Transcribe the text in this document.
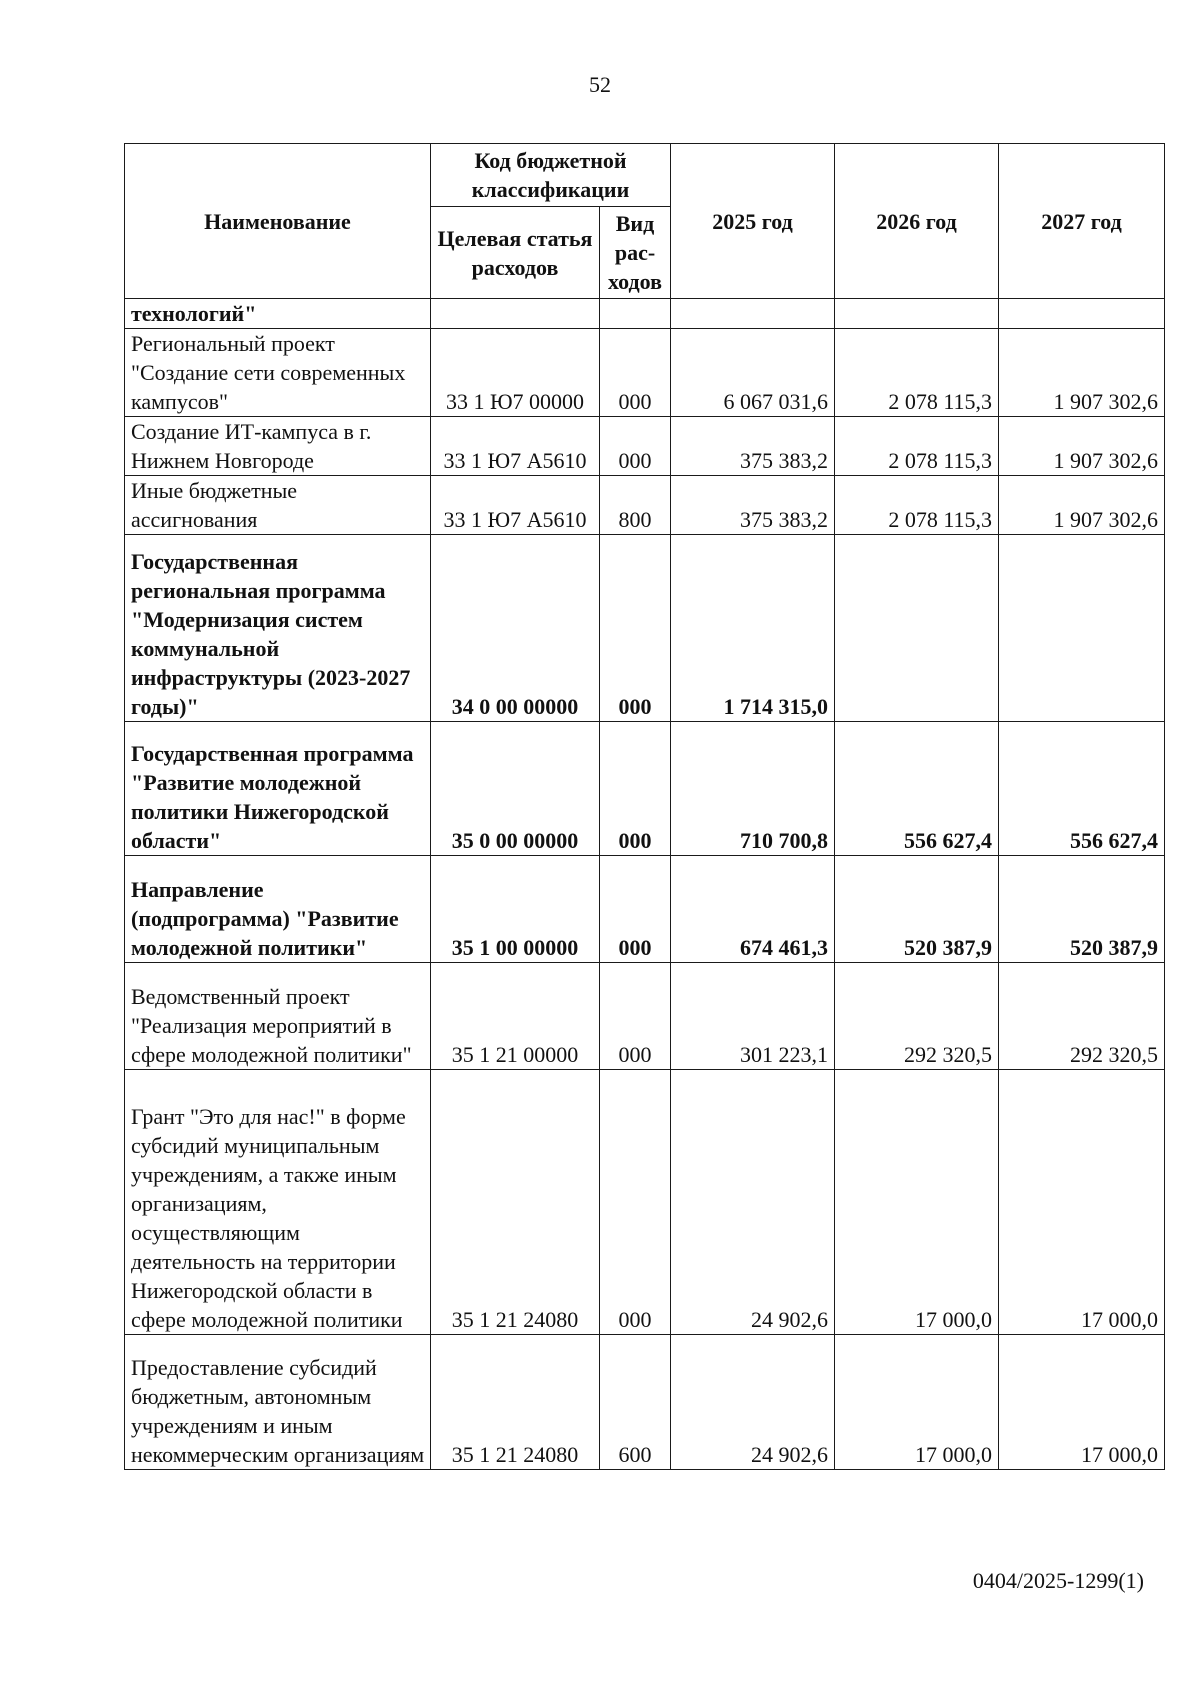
52
Наименование	Код бюджетной классификации		2025 год	2026 год	2027 год
	Целевая статья расходов	Вид рас- ходов			
технологий"					
Региональный проект "Создание сети современных кампусов"	33 1 Ю7 00000	000	6 067 031,6	2 078 115,3	1 907 302,6
Создание ИТ-кампуса в г. Нижнем Новгороде	33 1 Ю7 А5610	000	375 383,2	2 078 115,3	1 907 302,6
Иные бюджетные ассигнования	33 1 Ю7 А5610	800	375 383,2	2 078 115,3	1 907 302,6
Государственная региональная программа "Модернизация систем коммунальной инфраструктуры (2023-2027 годы)"	34 0 00 00000	000	1 714 315,0		
Государственная программа "Развитие молодежной политики Нижегородской области"	35 0 00 00000	000	710 700,8	556 627,4	556 627,4
Направление (подпрограмма) "Развитие молодежной политики"	35 1 00 00000	000	674 461,3	520 387,9	520 387,9
Ведомственный проект "Реализация мероприятий в сфере молодежной политики"	35 1 21 00000	000	301 223,1	292 320,5	292 320,5
Грант "Это для нас!" в форме субсидий муниципальным учреждениям, а также иным организациям, осуществляющим деятельность на территории Нижегородской области в сфере молодежной политики	35 1 21 24080	000	24 902,6	17 000,0	17 000,0
Предоставление субсидий бюджетным, автономным учреждениям и иным некоммерческим организациям	35 1 21 24080	600	24 902,6	17 000,0	17 000,0
0404/2025-1299(1)
